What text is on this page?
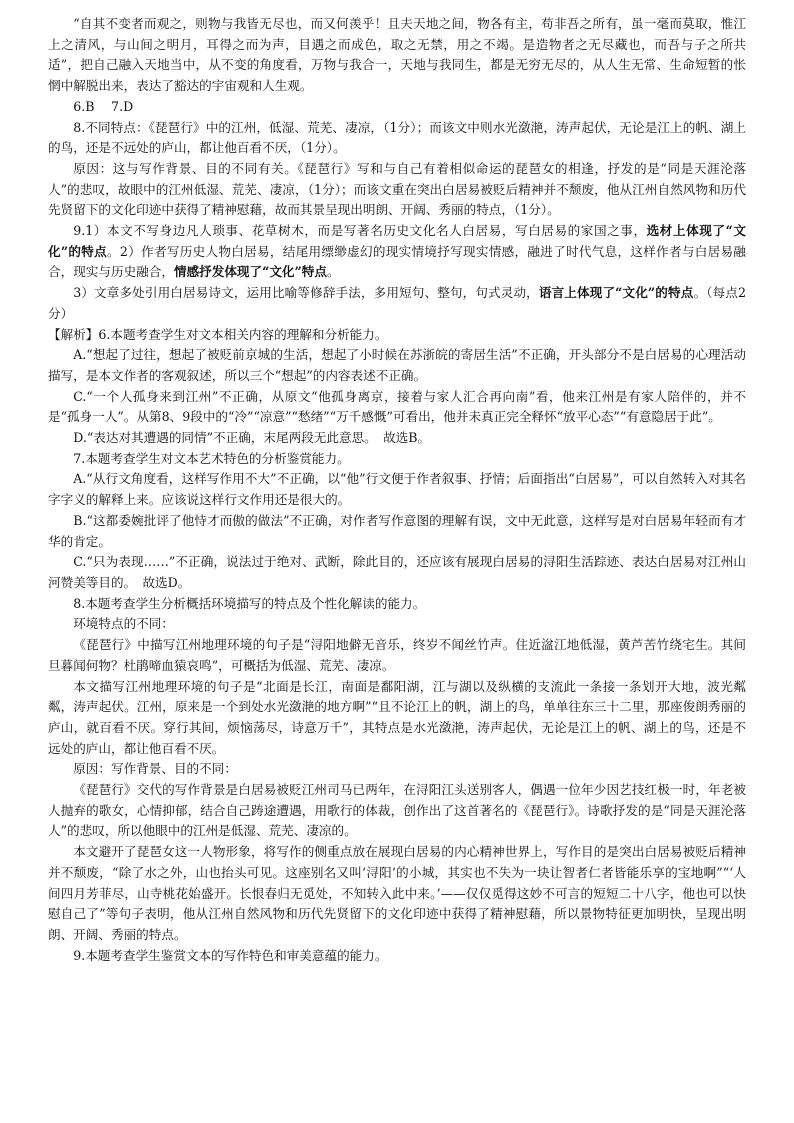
“自其不变者而观之，则物与我皆无尽也，而又何羡乎！且夫天地之间，物各有主，苟非吾之所有，虽一毫而莫取，惟江上之清风，与山间之明月，耳得之而为声，目遇之而成色，取之无禁，用之不竭。是造物者之无尽藏也，而吾与子之所共适”，把自己融入天地当中，从不变的角度看，万物与我合一，天地与我同生，都是无穷无尽的，从人生无常、生命短暂的怅惘中解脱出来，表达了豁达的宇宙观和人生观。

6.B　 7.D

8.不同特点：《琵琶行》中的江州，低湿、荒芜、凄凉，（1分）；而该文中则水光潋滟，涛声起伏，无论是江上的帆、湖上的鸟，还是不远处的庐山，都让他百看不厌，（1分）。

原因：这与写作背景、目的不同有关。《琵琶行》写和与自己有着相似命运的琵琶女的相逢，抒发的是“同是天涯沦落人”的悲叹，故眼中的江州低湿、荒芜、凄凉，（1分）；而该文重在突出白居易被贬后精神并不颓废，他从江州自然风物和历代先贤留下的文化印迹中获得了精神慰藉，故而其景呈现出明朗、开阔、秀丽的特点，（1分）。

9.1）本文不写身边凡人琐事、花草树木，而是写著名历史文化名人白居易，写白居易的家国之事，选材上体现了“文化”的特点。2）作者写历史人物白居易，结尾用缥缈虚幻的现实情境抒写现实情感，融进了时代气息，这样作者与白居易融合，现实与历史融合，情感抒发体现了“文化”特点。

3）文章多处引用白居易诗文，运用比喻等修辞手法，多用短句、整句，句式灵动，语言上体现了“文化”的特点。（每点2分）

【解析】6.本题考查学生对文本相关内容的理解和分析能力。

A.“想起了过往，想起了被贬前京城的生活，想起了小时候在苏浙皖的寄居生活”不正确，开头部分不是白居易的心理活动描写，是本文作者的客观叙述，所以三个“想起”的内容表述不正确。

C.“一个人孤身来到江州”不正确，从原文“他孤身离京，接着与家人汇合再向南”看，他来江州是有家人陪伴的，并不是“孤身一人”。从第8、9段中的“冷”“凉意”“愁绪”“万千感慨”可看出，他并未真正完全释怀“放平心态”“有意隐居于此”。

D.“表达对其遭遇的同情”不正确，末尾两段无此意思。　故选B。

7.本题考查学生对文本艺术特色的分析鉴赏能力。

A.“从行文角度看，这样写作用不大”不正确，以“他”行文便于作者叙事、抒情；后面指出“白居易”，可以自然转入对其名字字义的解释上来。应该说这样行文作用还是很大的。

B.“这都委婉批评了他恃才而傲的做法”不正确，对作者写作意图的理解有误，文中无此意，这样写是对白居易年轻而有才华的肯定。

C.“只为表现……”不正确，说法过于绝对、武断，除此目的，还应该有展现白居易的浔阳生活踪迹、表达白居易对江州山河赞美等目的。　故选D。

8.本题考查学生分析概括环境描写的特点及个性化解读的能力。

环境特点的不同：

《琵琶行》中描写江州地理环境的句子是“浔阳地僻无音乐，终岁不闻丝竹声。住近湓江地低湿，黄芦苦竹绕宅生。其间旦暮闻何物？杜鹃啼血猿哀鸣”，可概括为低湿、荒芜、凄凉。

本文描写江州地理环境的句子是“北面是长江，南面是鄱阳湖，江与湖以及纵横的支流此一条接一条划开大地，波光粼粼，涛声起伏。江州，原来是一个到处水光潋滟的地方啊”“且不论江上的帆，湖上的鸟，单单往东三十二里，那座俊朗秀丽的庐山，就百看不厌。穿行其间，烦恼荡尽，诗意万千”，其特点是水光潋滟，涛声起伏，无论是江上的帆、湖上的鸟，还是不远处的庐山，都让他百看不厌。

原因：写作背景、目的不同：

《琵琶行》交代的写作背景是白居易被贬江州司马已两年，在浔阳江头送别客人，偶遇一位年少因艺技红极一时，年老被人抛弃的歌女，心情抑郁，结合自己踌途遭遇，用歌行的体裁，创作出了这首著名的《琵琶行》。诗歌抒发的是“同是天涯沦落人”的悲叹，所以他眼中的江州是低湿、荒芜、凄凉的。

本文避开了琵琶女这一人物形象，将写作的侧重点放在展现白居易的内心精神世界上，写作目的是突出白居易被贬后精神并不颓废，“除了水之外，山也抬头可见。这座别名又叫‘浔阳’的小城，其实也不失为一块让智者仁者皆能乐享的宝地啊”“‘人间四月芳菲尽，山寺桃花始盛开。长恨春归无觅处，不知转入此中来。’——仅仅觅得这妙不可言的短短二十八字，他也可以快慰自己了”等句子表明，他从江州自然风物和历代先贤留下的文化印迹中获得了精神慰藉，所以景物特征更加明快，呈现出明朗、开阔、秀丽的特点。

9.本题考查学生鉴赏文本的写作特色和审美意蕴的能力。
